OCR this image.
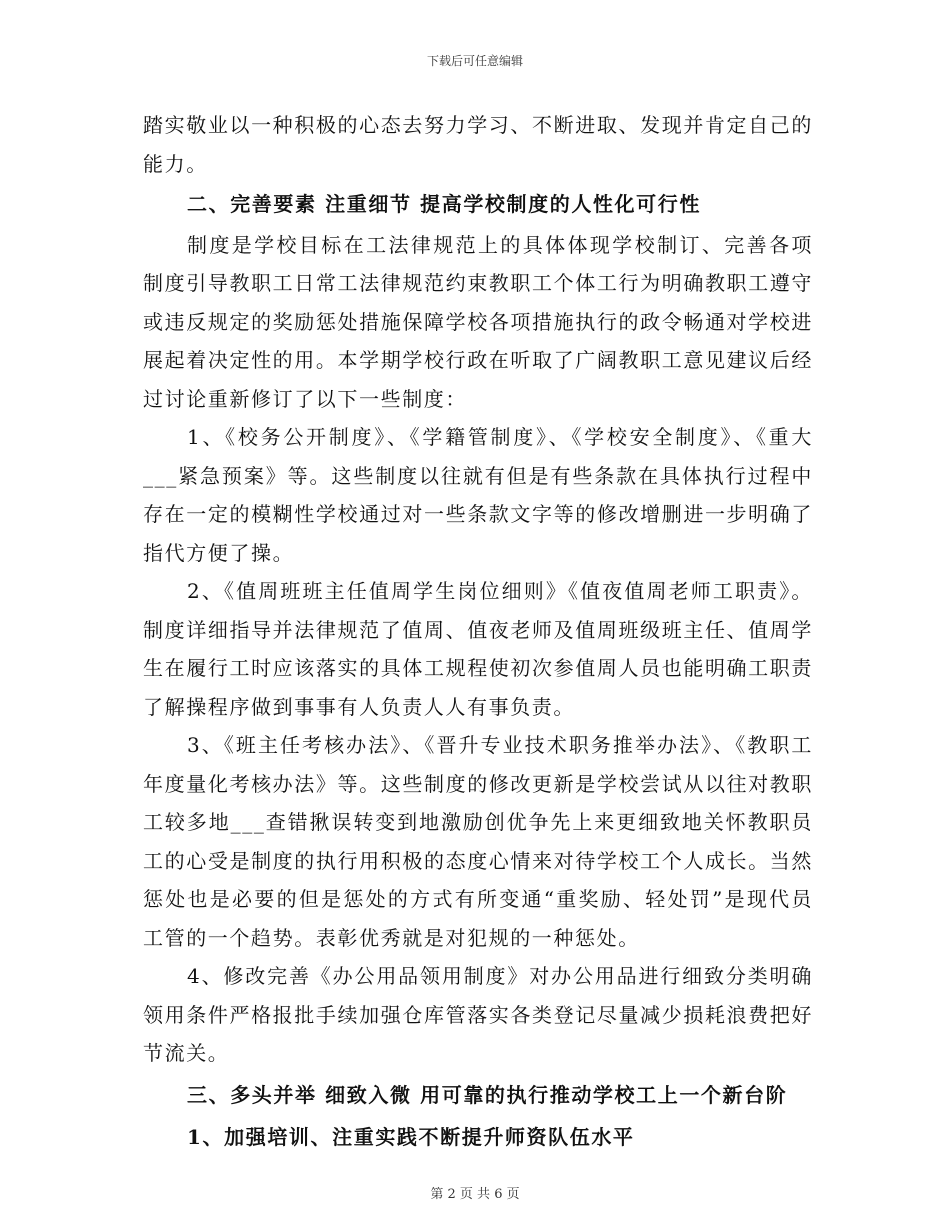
下载后可任意编辑

踏实敬业以一种积极的心态去努力学习、不断进取、发现并肯定自己的能力。

二、完善要素 注重细节 提高学校制度的人性化可行性

制度是学校目标在工法律规范上的具体体现学校制订、完善各项制度引导教职工日常工法律规范约束教职工个体工行为明确教职工遵守或违反规定的奖励惩处措施保障学校各项措施执行的政令畅通对学校进展起着决定性的用。本学期学校行政在听取了广阔教职工意见建议后经过讨论重新修订了以下一些制度：

1、《校务公开制度》、《学籍管制度》、《学校安全制度》、《重大___紧急预案》等。这些制度以往就有但是有些条款在具体执行过程中存在一定的模糊性学校通过对一些条款文字等的修改增删进一步明确了指代方便了操。

2、《值周班班主任值周学生岗位细则》《值夜值周老师工职责》。制度详细指导并法律规范了值周、值夜老师及值周班级班主任、值周学生在履行工时应该落实的具体工规程使初次参值周人员也能明确工职责了解操程序做到事事有人负责人人有事负责。

3、《班主任考核办法》、《晋升专业技术职务推举办法》、《教职工年度量化考核办法》等。这些制度的修改更新是学校尝试从以往对教职工较多地___查错揪误转变到地激励创优争先上来更细致地关怀教职员工的心受是制度的执行用积极的态度心情来对待学校工个人成长。当然惩处也是必要的但是惩处的方式有所变通“重奖励、轻处罚”是现代员工管的一个趋势。表彰优秀就是对犯规的一种惩处。

4、修改完善《办公用品领用制度》对办公用品进行细致分类明确领用条件严格报批手续加强仓库管落实各类登记尽量减少损耗浪费把好节流关。

三、多头并举 细致入微 用可靠的执行推动学校工上一个新台阶

1、加强培训、注重实践不断提升师资队伍水平

第 2 页 共 6 页
